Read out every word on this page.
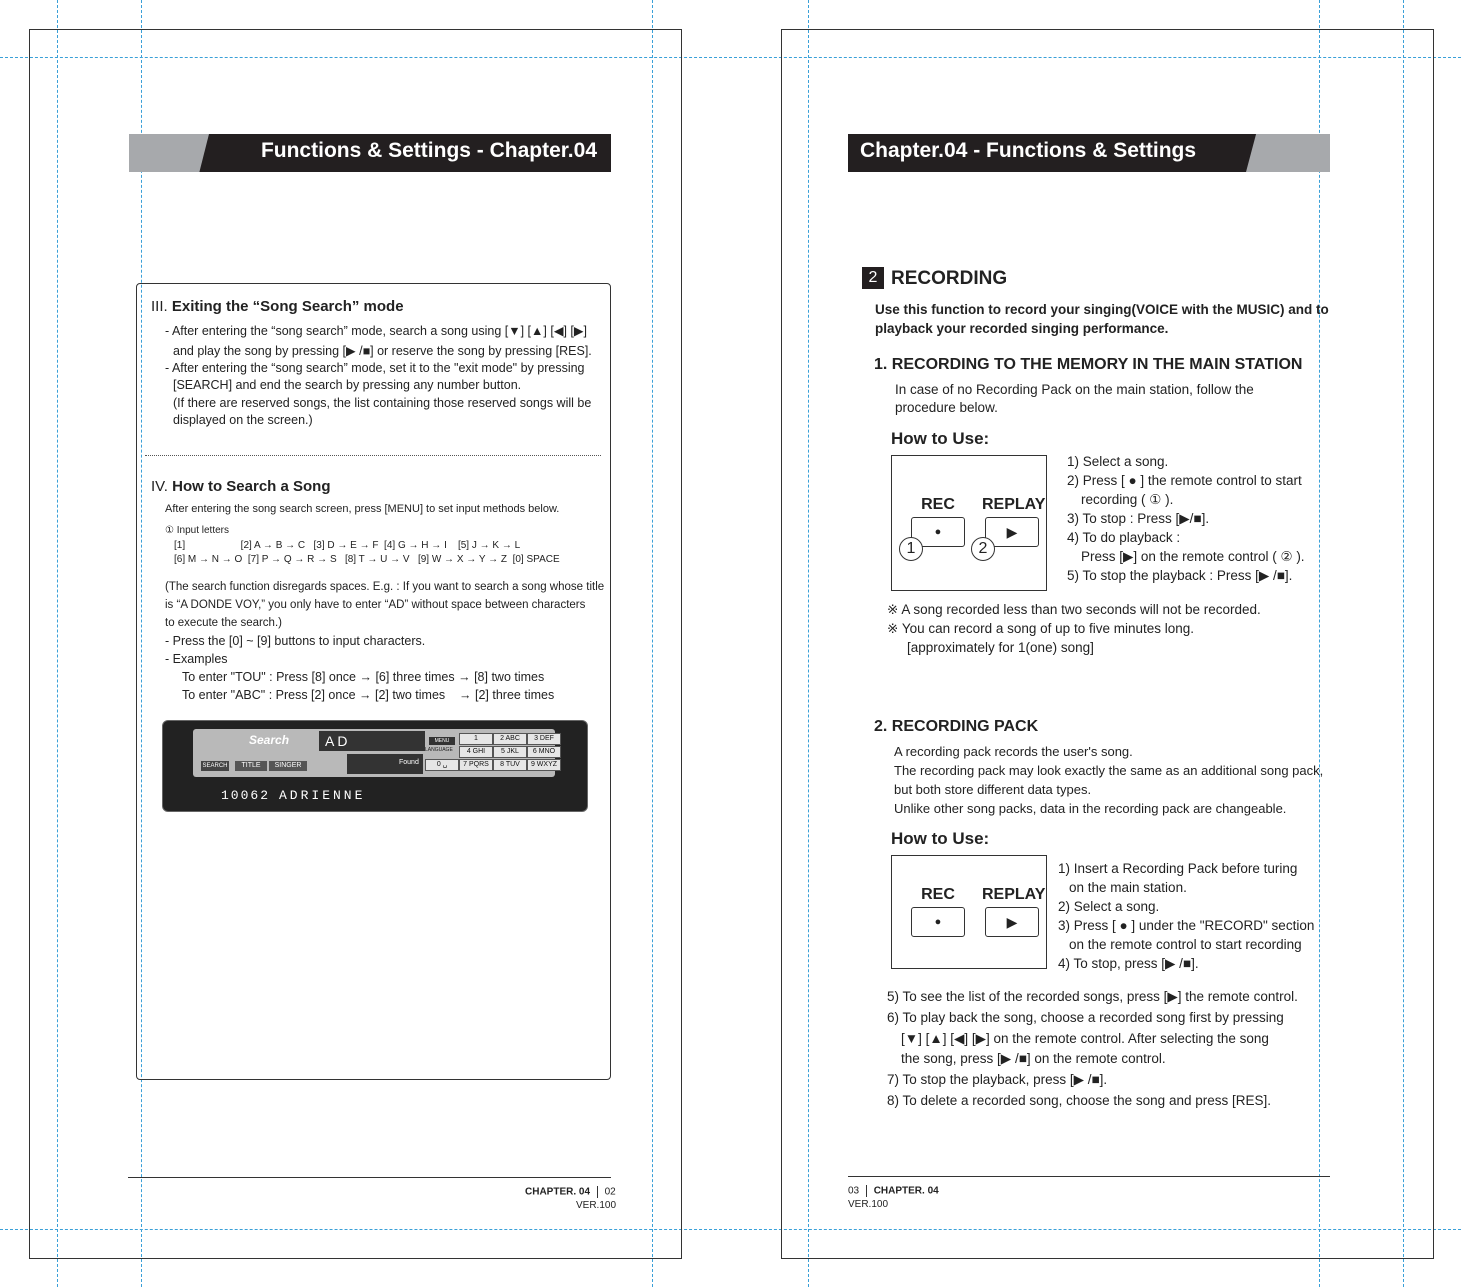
Functions & Settings - Chapter.04
III. Exiting the “Song Search” mode
- After entering the “song search” mode, search a song using [▼] [▲] [◀] [▶]
and play the song by pressing [▶ /■] or reserve the song by pressing [RES].
- After entering the “song search” mode, set it to the "exit mode" by pressing
[SEARCH] and end the search by pressing any number button.
(If there are reserved songs, the list containing those reserved songs will be
displayed on the screen.)
IV. How to Search a Song
After entering the song search screen, press [MENU] to set input methods below.
① Input letters
[1]                    [2] A → B → C   [3] D → E → F  [4] G → H → I    [5] J → K → L
[6] M → N → O  [7] P → Q → R → S   [8] T → U → V   [9] W → X → Y → Z  [0] SPACE
(The search function disregards spaces. E.g. : If you want to search a song whose title
is “A DONDE VOY,” you only have to enter “AD” without space between characters
to execute the search.)
- Press the [0] ~ [9] buttons to input characters.
- Examples
To enter "TOU" : Press [8] once → [6] three times → [8] two times
To enter "ABC" : Press [2] once → [2] two times    → [2] three times
Search	AD
SEARCH	TITLE	SINGER	Found
MENU
LANGUAGE
1	2 ABC	3 DEF
4 GHI	5 JKL	6 MNO
0 ␣	7 PQRS	8 TUV	9 WXYZ
10062 ADRIENNE
CHAPTER. 04 02
VER.100
Chapter.04 - Functions & Settings
2 RECORDING
Use this function to record your singing(VOICE with the MUSIC) and to
playback your recorded singing performance.
1. RECORDING TO THE MEMORY IN THE MAIN STATION
In case of no Recording Pack on the main station, follow the
procedure below.
How to Use:
REC	REPLAY
●	▶
1	2
1) Select a song.
2) Press [ ● ] the remote control to start
recording ( ① ).
3) To stop : Press [▶/■].
4) To do playback :
Press [▶] on the remote control ( ② ).
5) To stop the playback : Press [▶ /■].
※ A song recorded less than two seconds will not be recorded.
※ You can record a song of up to five minutes long.
[approximately for 1(one) song]
2. RECORDING PACK
A recording pack records the user's song.
The recording pack may look exactly the same as an additional song pack,
but both store different data types.
Unlike other song packs, data in the recording pack are changeable.
How to Use:
REC	REPLAY
●	▶
1) Insert a Recording Pack before turing
on the main station.
2) Select a song.
3) Press [ ● ] under the "RECORD" section
on the remote control to start recording
4) To stop, press [▶ /■].
5) To see the list of the recorded songs, press [▶] the remote control.
6) To play back the song, choose a recorded song first by pressing
[▼] [▲] [◀] [▶] on the remote control. After selecting the song
the song, press [▶ /■] on the remote control.
7) To stop the playback, press [▶ /■].
8) To delete a recorded song, choose the song and press [RES].
03 CHAPTER. 04
VER.100
